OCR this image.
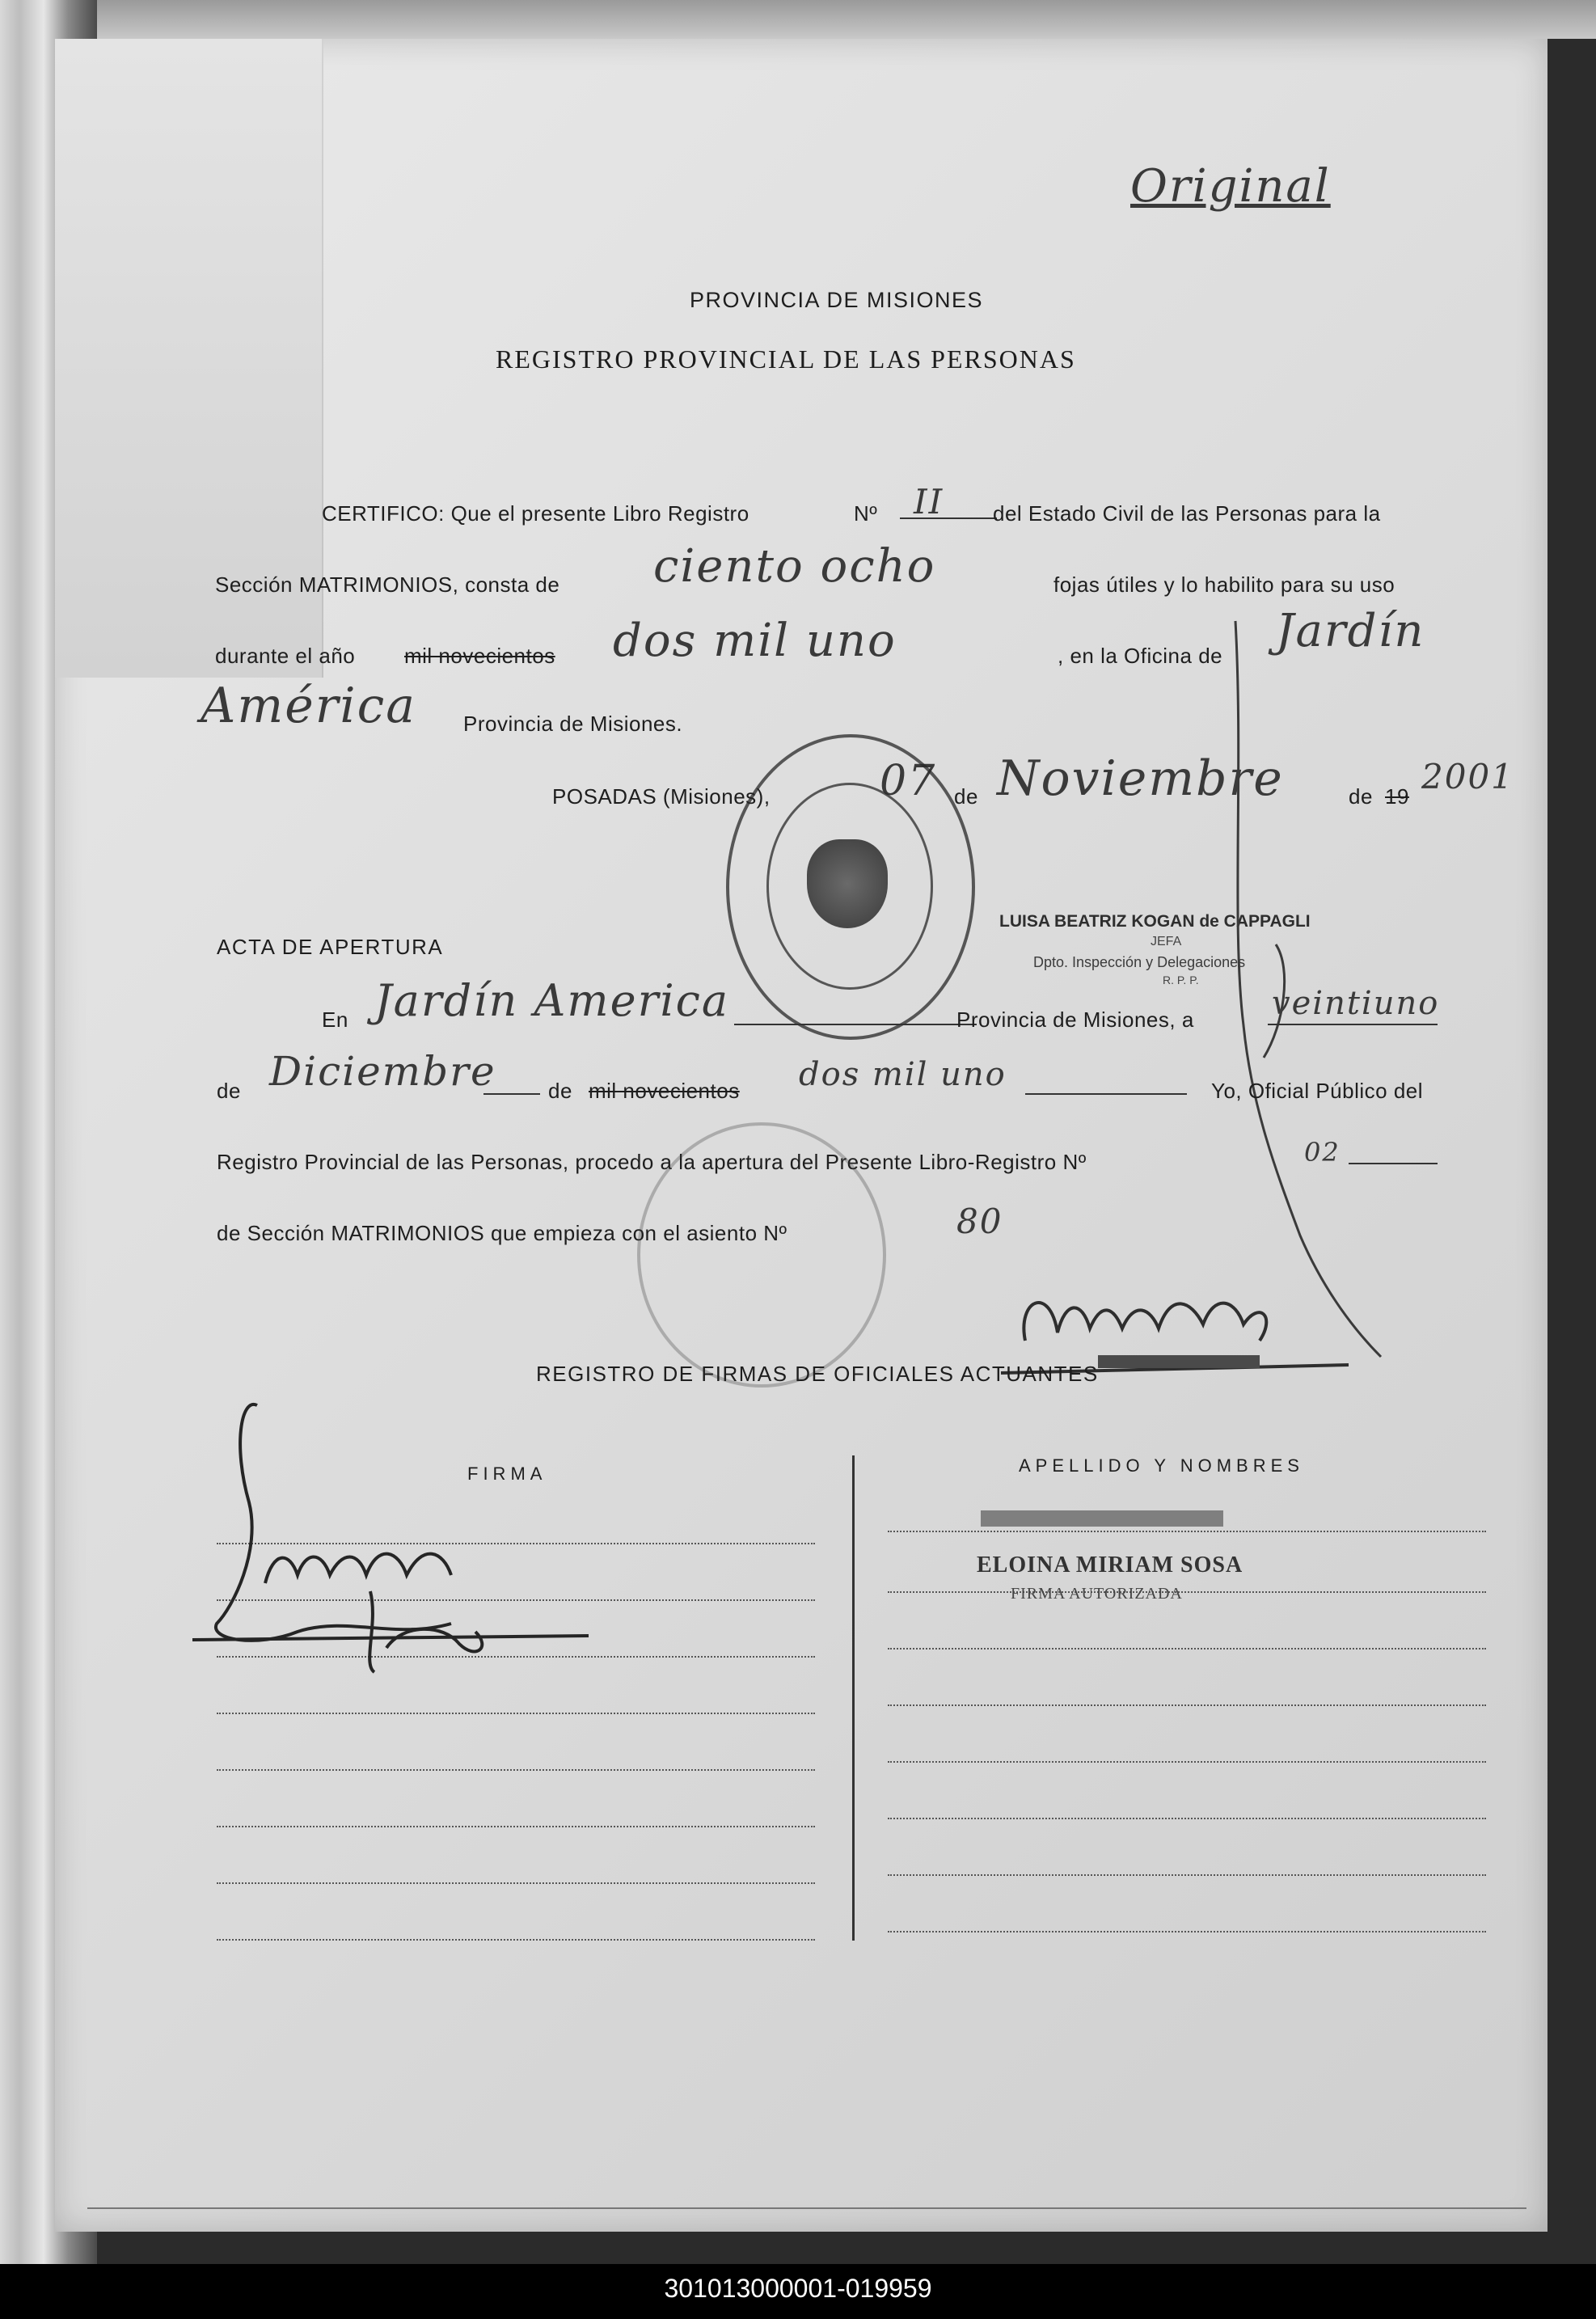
Original
PROVINCIA DE MISIONES
REGISTRO PROVINCIAL DE LAS PERSONAS
CERTIFICO: Que el presente Libro Registro	Nº II del Estado Civil de las Personas para la
Sección MATRIMONIOS, consta de ciento ocho	fojas útiles y lo habilito para su uso
durante el año mil novecientos dos mil uno	, en la Oficina de Jardín
América Provincia de Misiones.
POSADAS (Misiones),	07 de Noviembre	de 19 2001
LUISA BEATRIZ KOGAN de CAPPAGLI
JEFA
Dpto. Inspección y Delegaciones
R. P. P.
ACTA DE APERTURA
En Jardín America	Provincia de Misiones, a veintiuno
de Diciembre de mil novecientos dos mil uno	Yo, Oficial Público del
Registro Provincial de las Personas, procedo a la apertura del Presente Libro-Registro Nº	02
de Sección MATRIMONIOS que empieza con el asiento Nº	80
REGISTRO DE FIRMAS DE OFICIALES ACTUANTES
FIRMA	APELLIDO Y NOMBRES
ELOINA MIRIAM SOSA
FIRMA AUTORIZADA
301013000001-019959
